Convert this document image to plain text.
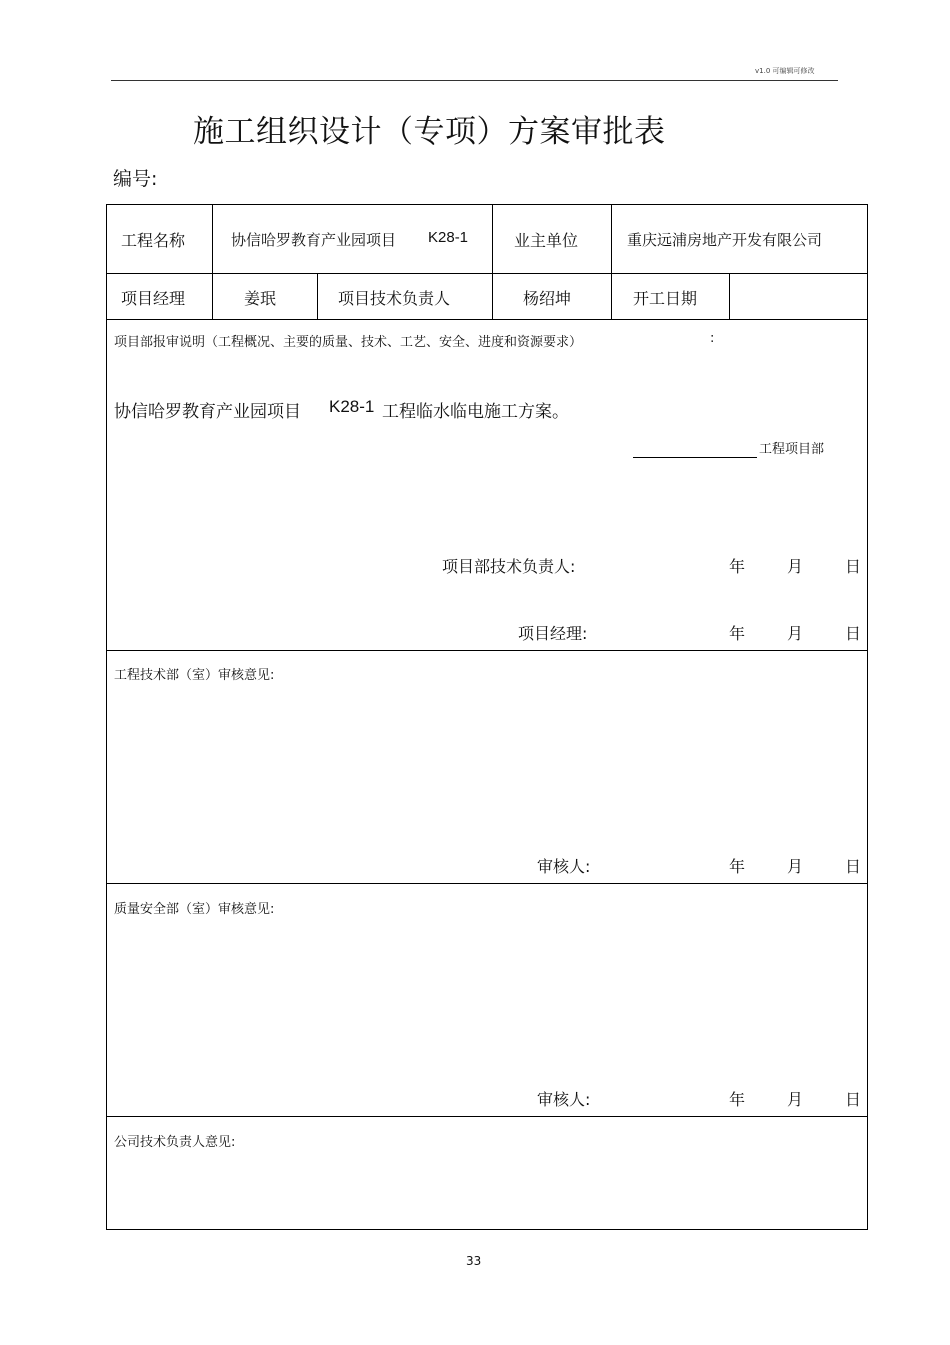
v1.0 可编辑可修改
施工组织设计（专项）方案审批表
编号:
工程名称	协信哈罗教育产业园项目 K28-1	业主单位	重庆远浦房地产开发有限公司
项目经理	姜珉	项目技术负责人	杨绍坤	开工日期
项目部报审说明（工程概况、主要的质量、技术、工艺、安全、进度和资源要求）	:
协信哈罗教育产业园项目 K28-1 工程临水临电施工方案。
工程项目部
项目部技术负责人:	年	月	日
项目经理:	年	月	日
工程技术部（室）审核意见:
审核人:	年	月	日
质量安全部（室）审核意见:
审核人:	年	月	日
公司技术负责人意见:
33
